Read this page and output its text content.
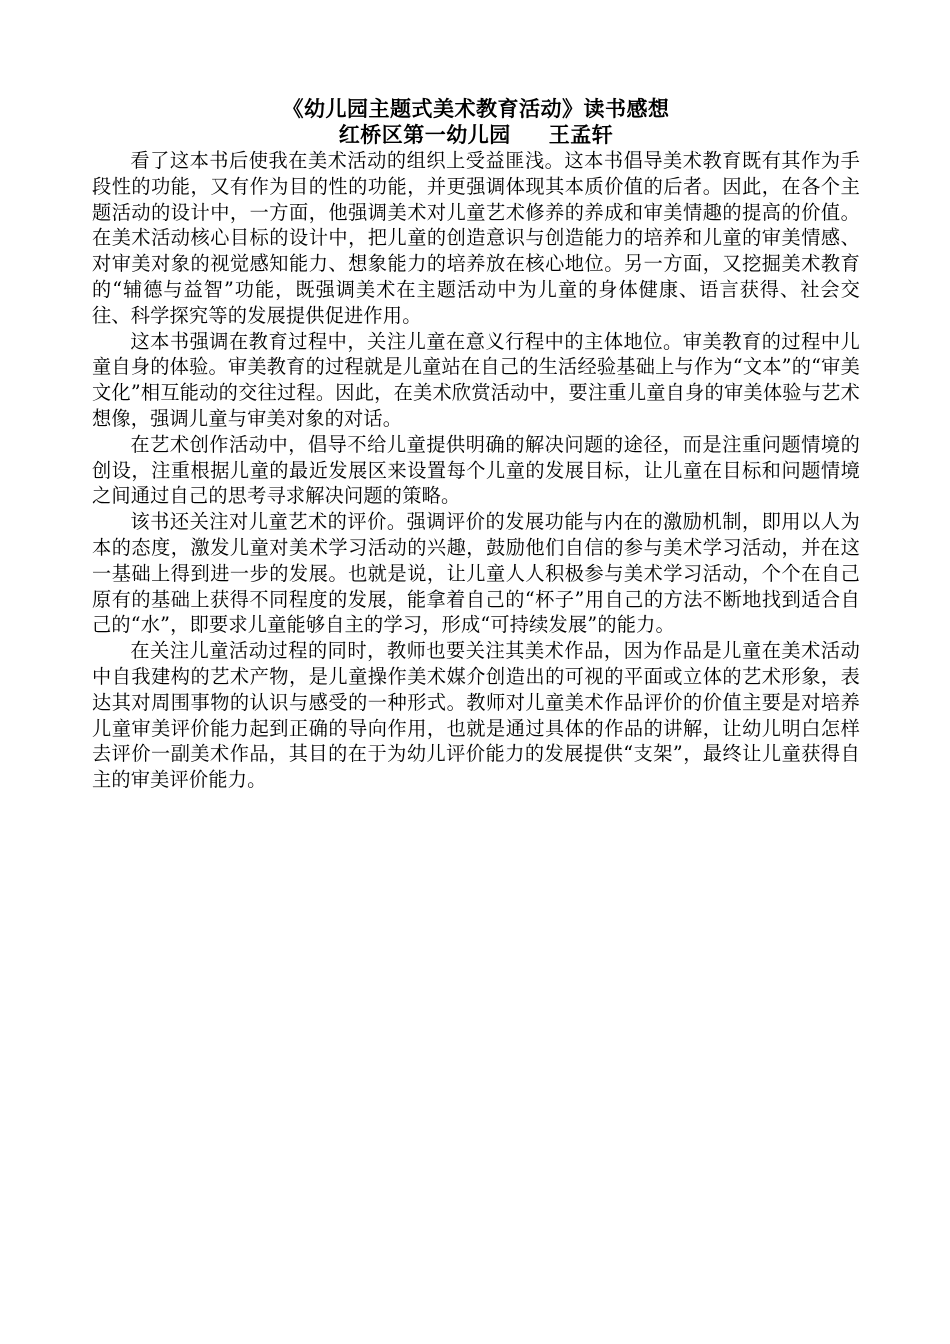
《幼儿园主题式美术教育活动》读书感想
红桥区第一幼儿园 王孟轩

看了这本书后使我在美术活动的组织上受益匪浅。这本书倡导美术教育既有其作为手段性的功能，又有作为目的性的功能，并更强调体现其本质价值的后者。因此，在各个主题活动的设计中，一方面，他强调美术对儿童艺术修养的养成和审美情趣的提高的价值。在美术活动核心目标的设计中，把儿童的创造意识与创造能力的培养和儿童的审美情感、对审美对象的视觉感知能力、想象能力的培养放在核心地位。另一方面，又挖掘美术教育的“辅德与益智”功能，既强调美术在主题活动中为儿童的身体健康、语言获得、社会交往、科学探究等的发展提供促进作用。

这本书强调在教育过程中，关注儿童在意义行程中的主体地位。审美教育的过程中儿童自身的体验。审美教育的过程就是儿童站在自己的生活经验基础上与作为“文本”的“审美文化”相互能动的交往过程。因此，在美术欣赏活动中，要注重儿童自身的审美体验与艺术想像，强调儿童与审美对象的对话。

在艺术创作活动中，倡导不给儿童提供明确的解决问题的途径，而是注重问题情境的创设，注重根据儿童的最近发展区来设置每个儿童的发展目标，让儿童在目标和问题情境之间通过自己的思考寻求解决问题的策略。

该书还关注对儿童艺术的评价。强调评价的发展功能与内在的激励机制，即用以人为本的态度，激发儿童对美术学习活动的兴趣，鼓励他们自信的参与美术学习活动，并在这一基础上得到进一步的发展。也就是说，让儿童人人积极参与美术学习活动，个个在自己原有的基础上获得不同程度的发展，能拿着自己的“杯子”用自己的方法不断地找到适合自己的“水”，即要求儿童能够自主的学习，形成“可持续发展”的能力。

在关注儿童活动过程的同时，教师也要关注其美术作品，因为作品是儿童在美术活动中自我建构的艺术产物，是儿童操作美术媒介创造出的可视的平面或立体的艺术形象，表达其对周围事物的认识与感受的一种形式。教师对儿童美术作品评价的价值主要是对培养儿童审美评价能力起到正确的导向作用，也就是通过具体的作品的讲解，让幼儿明白怎样去评价一副美术作品，其目的在于为幼儿评价能力的发展提供“支架”，最终让儿童获得自主的审美评价能力。
